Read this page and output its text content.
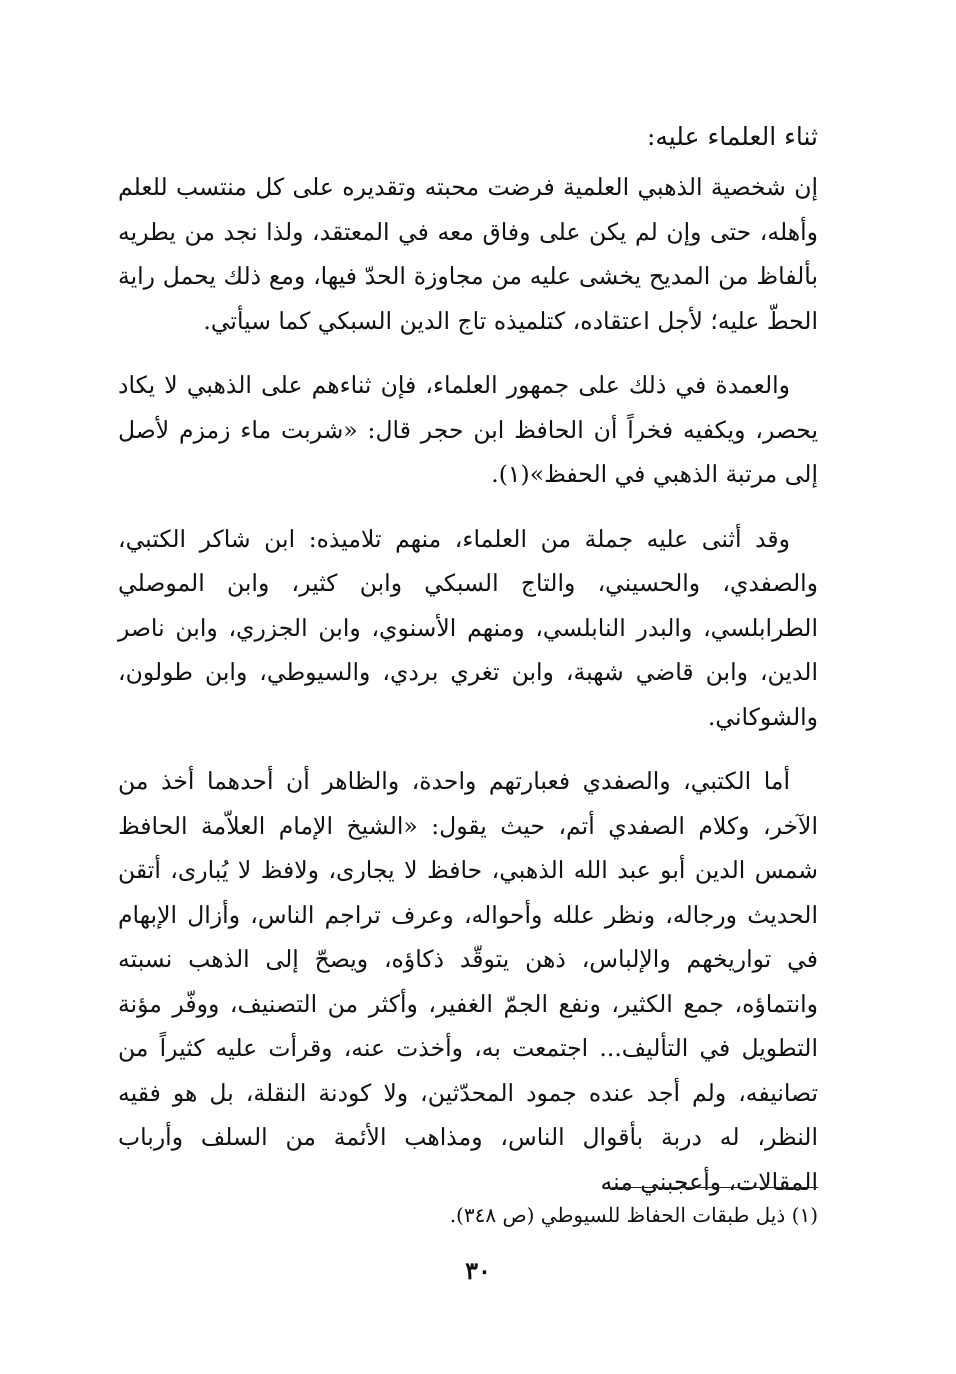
ثناء العلماء عليه:

إن شخصية الذهبي العلمية فرضت محبته وتقديره على كل منتسب للعلم وأهله، حتى وإن لم يكن على وفاق معه في المعتقد، ولذا نجد من يطريه بألفاظ من المديح يخشى عليه من مجاوزة الحدّ فيها، ومع ذلك يحمل راية الحطّ عليه؛ لأجل اعتقاده، كتلميذه تاج الدين السبكي كما سيأتي.

والعمدة في ذلك على جمهور العلماء، فإن ثناءهم على الذهبي لا يكاد يحصر، ويكفيه فخراً أن الحافظ ابن حجر قال: «شربت ماء زمزم لأصل إلى مرتبة الذهبي في الحفظ»(١).

وقد أثنى عليه جملة من العلماء، منهم تلاميذه: ابن شاكر الكتبي، والصفدي، والحسيني، والتاج السبكي وابن كثير، وابن الموصلي الطرابلسي، والبدر النابلسي، ومنهم الأسنوي، وابن الجزري، وابن ناصر الدين، وابن قاضي شهبة، وابن تغري بردي، والسيوطي، وابن طولون، والشوكاني.

أما الكتبي، والصفدي فعبارتهم واحدة، والظاهر أن أحدهما أخذ من الآخر، وكلام الصفدي أتم، حيث يقول: «الشيخ الإمام العلاّمة الحافظ شمس الدين أبو عبد الله الذهبي، حافظ لا يجارى، ولافظ لا يُبارى، أتقن الحديث ورجاله، ونظر علله وأحواله، وعرف تراجم الناس، وأزال الإبهام في تواريخهم والإلباس، ذهن يتوقّد ذكاؤه، ويصحّ إلى الذهب نسبته وانتماؤه، جمع الكثير، ونفع الجمّ الغفير، وأكثر من التصنيف، ووفّر مؤنة التطويل في التأليف... اجتمعت به، وأخذت عنه، وقرأت عليه كثيراً من تصانيفه، ولم أجد عنده جمود المحدّثين، ولا كودنة النقلة، بل هو فقيه النظر، له دربة بأقوال الناس، ومذاهب الأئمة من السلف وأرباب المقالات، وأعجبني منه

(١) ذيل طبقات الحفاظ للسيوطي (ص ٣٤٨).
٣٠
